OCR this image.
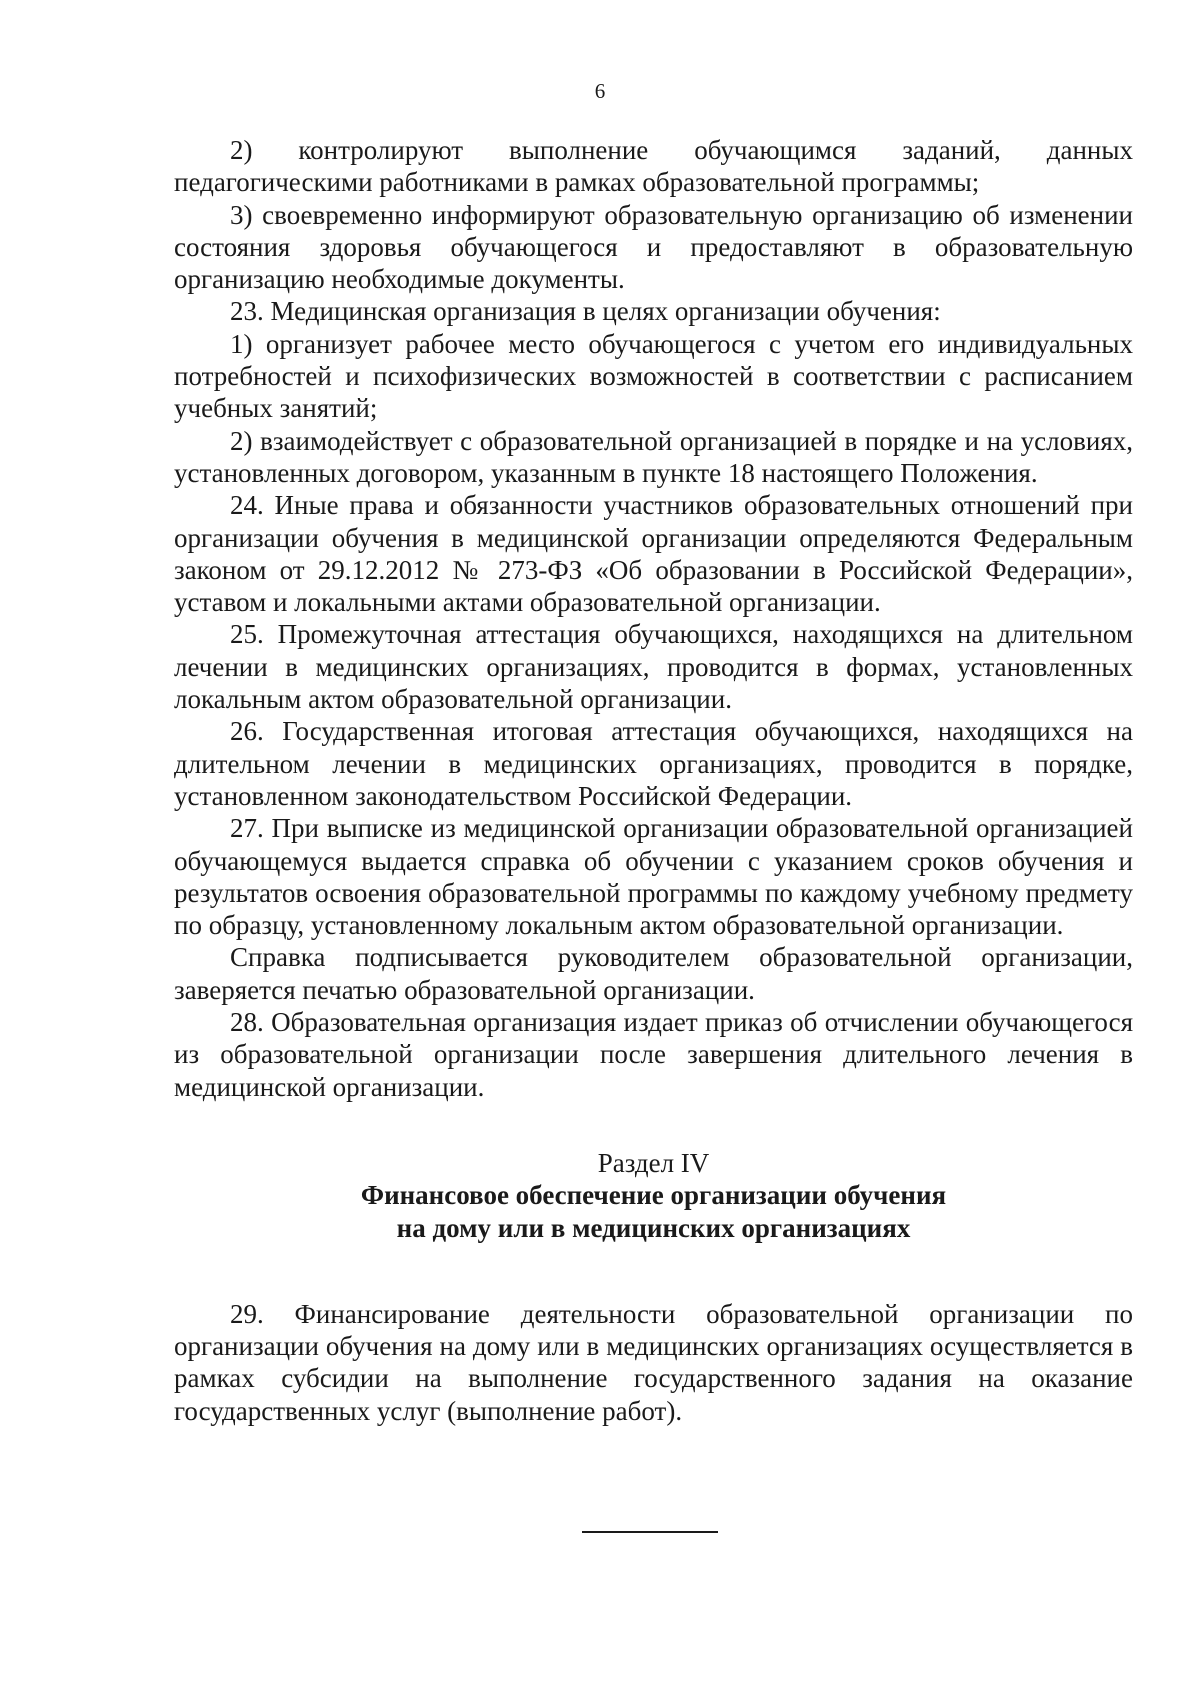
6

2) контролируют выполнение обучающимся заданий, данных педагогическими работниками в рамках образовательной программы;

3) своевременно информируют образовательную организацию об изменении состояния здоровья обучающегося и предоставляют в образовательную организацию необходимые документы.

23. Медицинская организация в целях организации обучения:

1) организует рабочее место обучающегося с учетом его индивидуальных потребностей и психофизических возможностей в соответствии с расписанием учебных занятий;

2) взаимодействует с образовательной организацией в порядке и на условиях, установленных договором, указанным в пункте 18 настоящего Положения.

24. Иные права и обязанности участников образовательных отношений при организации обучения в медицинской организации определяются Федеральным законом от 29.12.2012 № 273-ФЗ «Об образовании в Российской Федерации», уставом и локальными актами образовательной организации.

25. Промежуточная аттестация обучающихся, находящихся на длительном лечении в медицинских организациях, проводится в формах, установленных локальным актом образовательной организации.

26. Государственная итоговая аттестация обучающихся, находящихся на длительном лечении в медицинских организациях, проводится в порядке, установленном законодательством Российской Федерации.

27. При выписке из медицинской организации образовательной организацией обучающемуся выдается справка об обучении с указанием сроков обучения и результатов освоения образовательной программы по каждому учебному предмету по образцу, установленному локальным актом образовательной организации.

Справка подписывается руководителем образовательной организации, заверяется печатью образовательной организации.

28. Образовательная организация издает приказ об отчислении обучающегося из образовательной организации после завершения длительного лечения в медицинской организации.

Раздел IV
Финансовое обеспечение организации обучения
на дому или в медицинских организациях

29. Финансирование деятельности образовательной организации по организации обучения на дому или в медицинских организациях осуществляется в рамках субсидии на выполнение государственного задания на оказание государственных услуг (выполнение работ).
